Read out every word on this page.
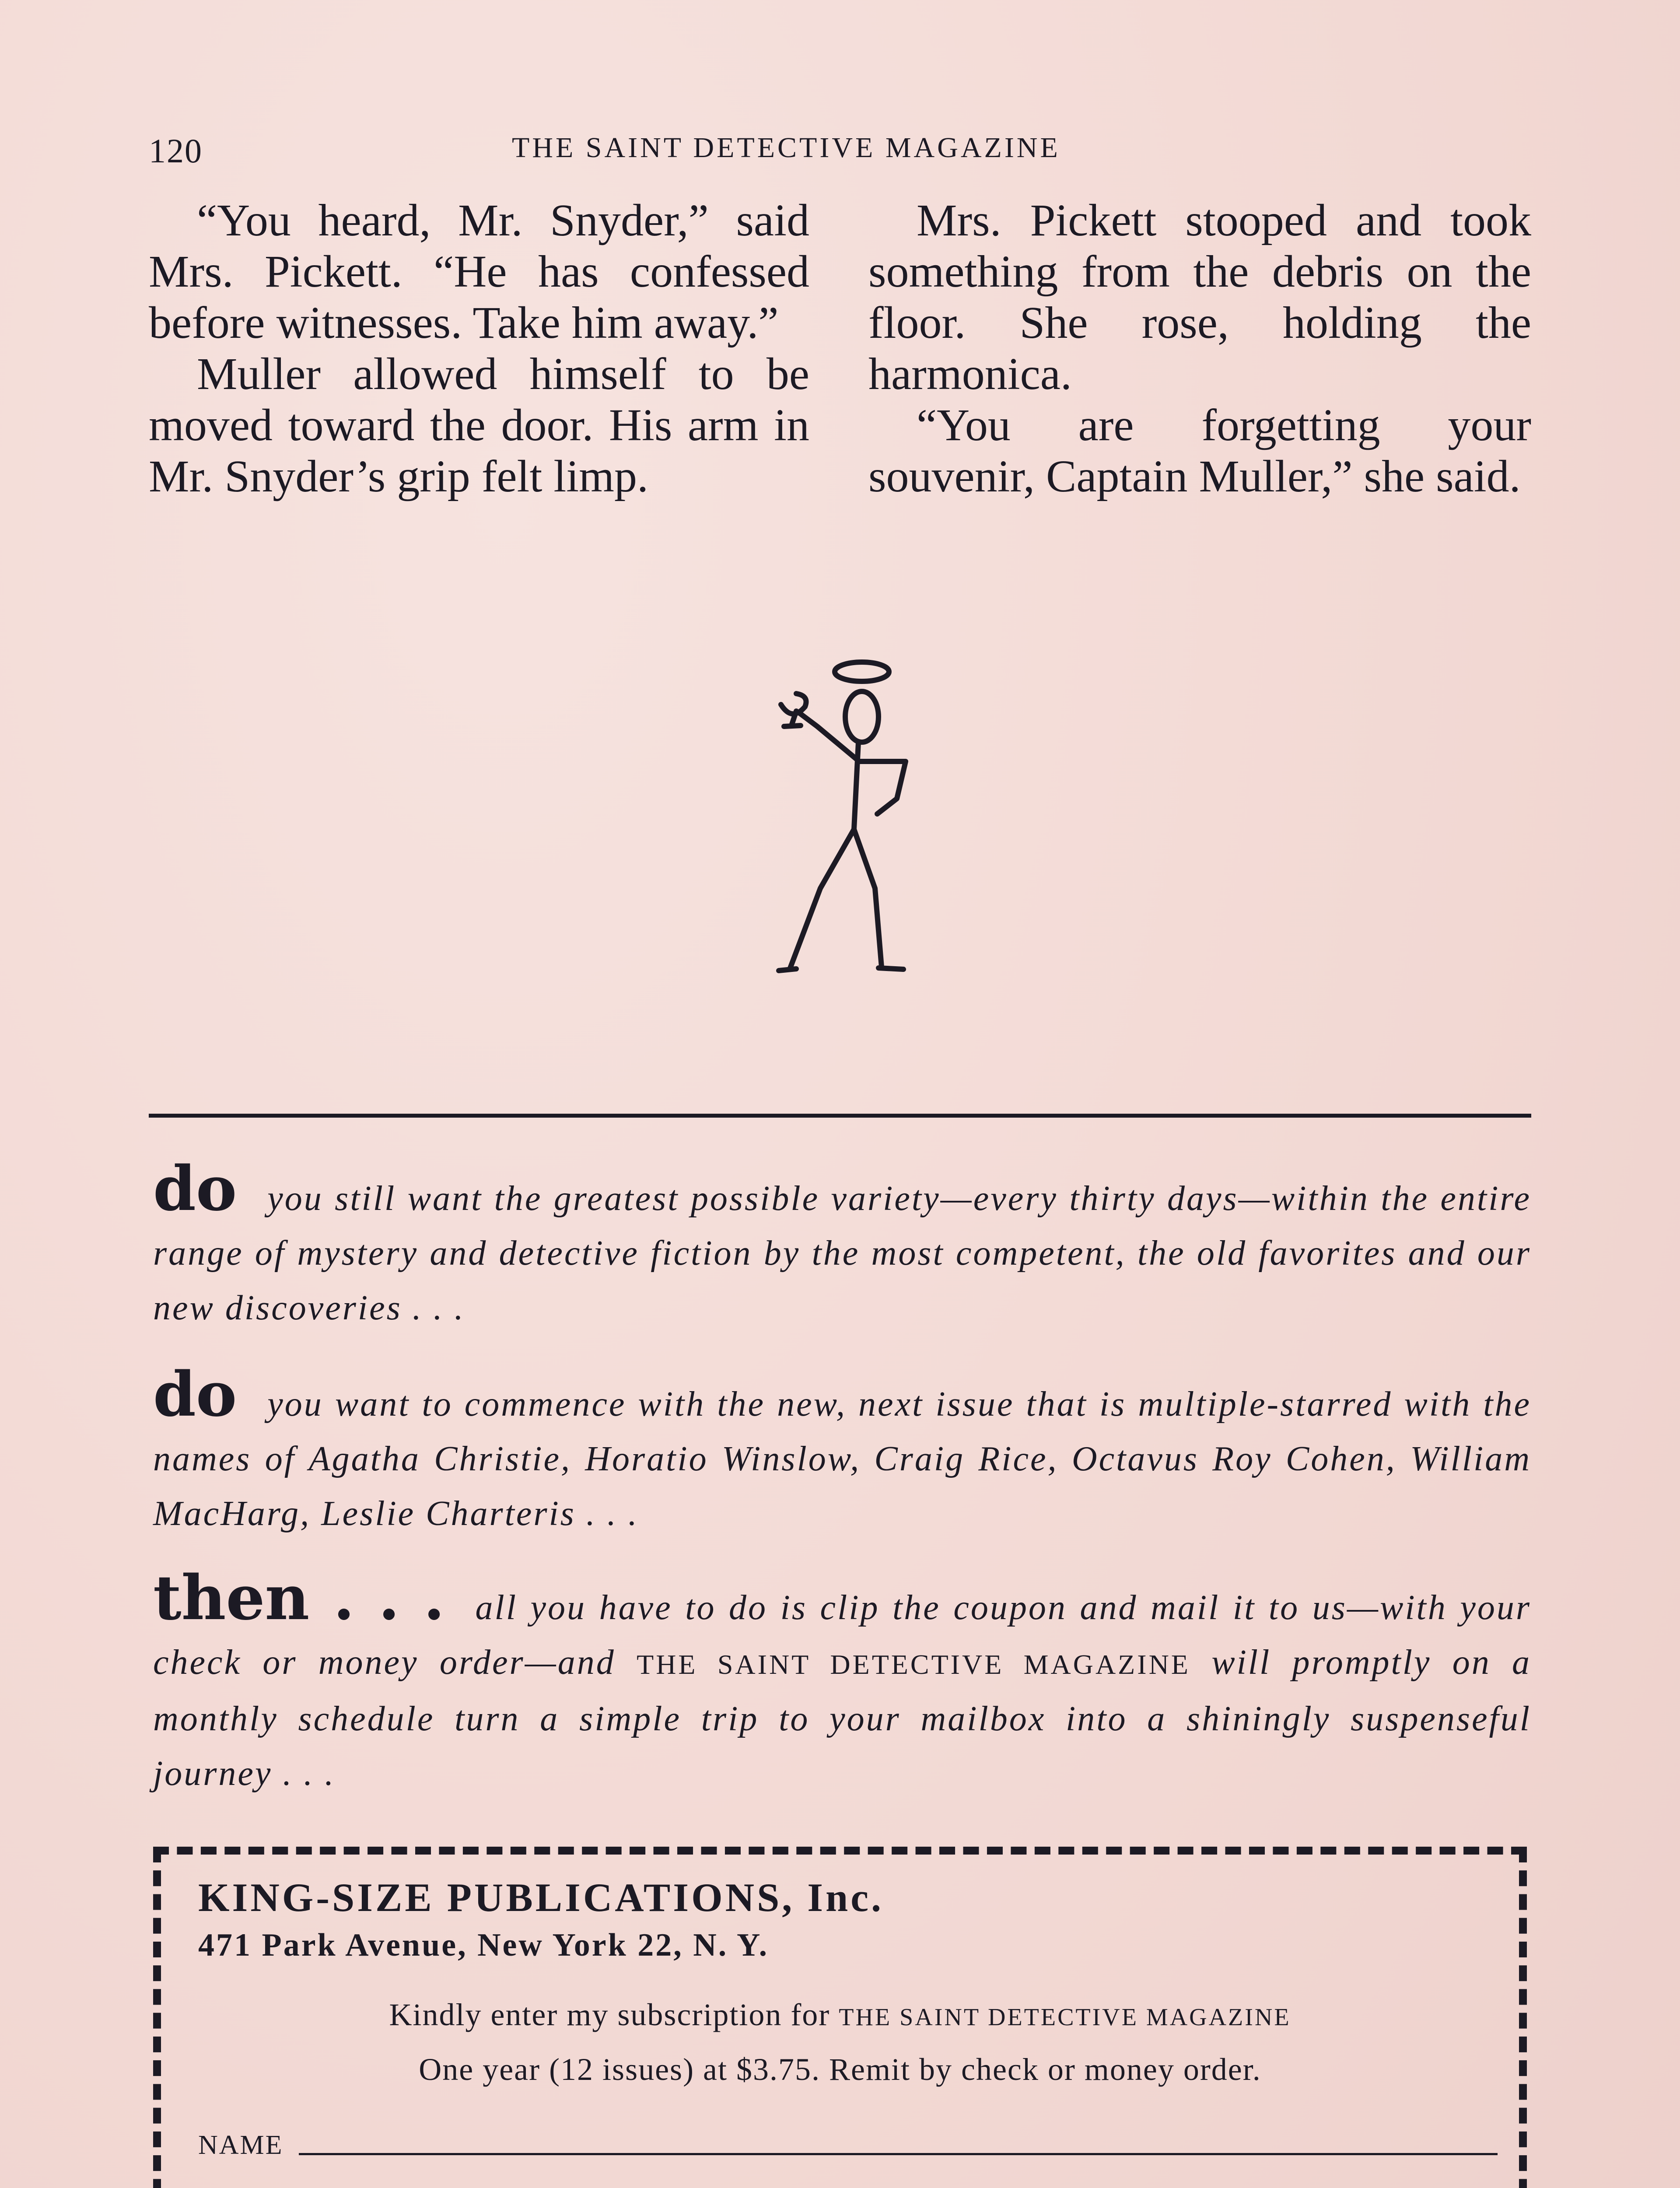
120	THE SAINT DETECTIVE MAGAZINE

“You heard, Mr. Snyder,” said Mrs. Pickett. “He has confessed before witnesses. Take him away.”

Muller allowed himself to be moved toward the door. His arm in Mr. Snyder’s grip felt limp.

Mrs. Pickett stooped and took something from the debris on the floor. She rose, holding the harmonica.

“You are forgetting your souvenir, Captain Muller,” she said.

do you still want the greatest possible variety—every thirty days—within the entire range of mystery and detective fiction by the most competent, the old favorites and our new discoveries . . .
do you want to commence with the new, next issue that is multiple-starred with the names of Agatha Christie, Horatio Winslow, Craig Rice, Octavus Roy Cohen, William MacHarg, Leslie Charteris . . .
then . . . all you have to do is clip the coupon and mail it to us—with your check or money order—and THE SAINT DETECTIVE MAGAZINE will promptly on a monthly schedule turn a simple trip to your mailbox into a shiningly suspenseful journey . . .
KING-SIZE PUBLICATIONS, Inc.
471 Park Avenue, New York 22, N. Y.
Kindly enter my subscription for THE SAINT DETECTIVE MAGAZINE
One year (12 issues) at $3.75. Remit by check or money order.
NAME
